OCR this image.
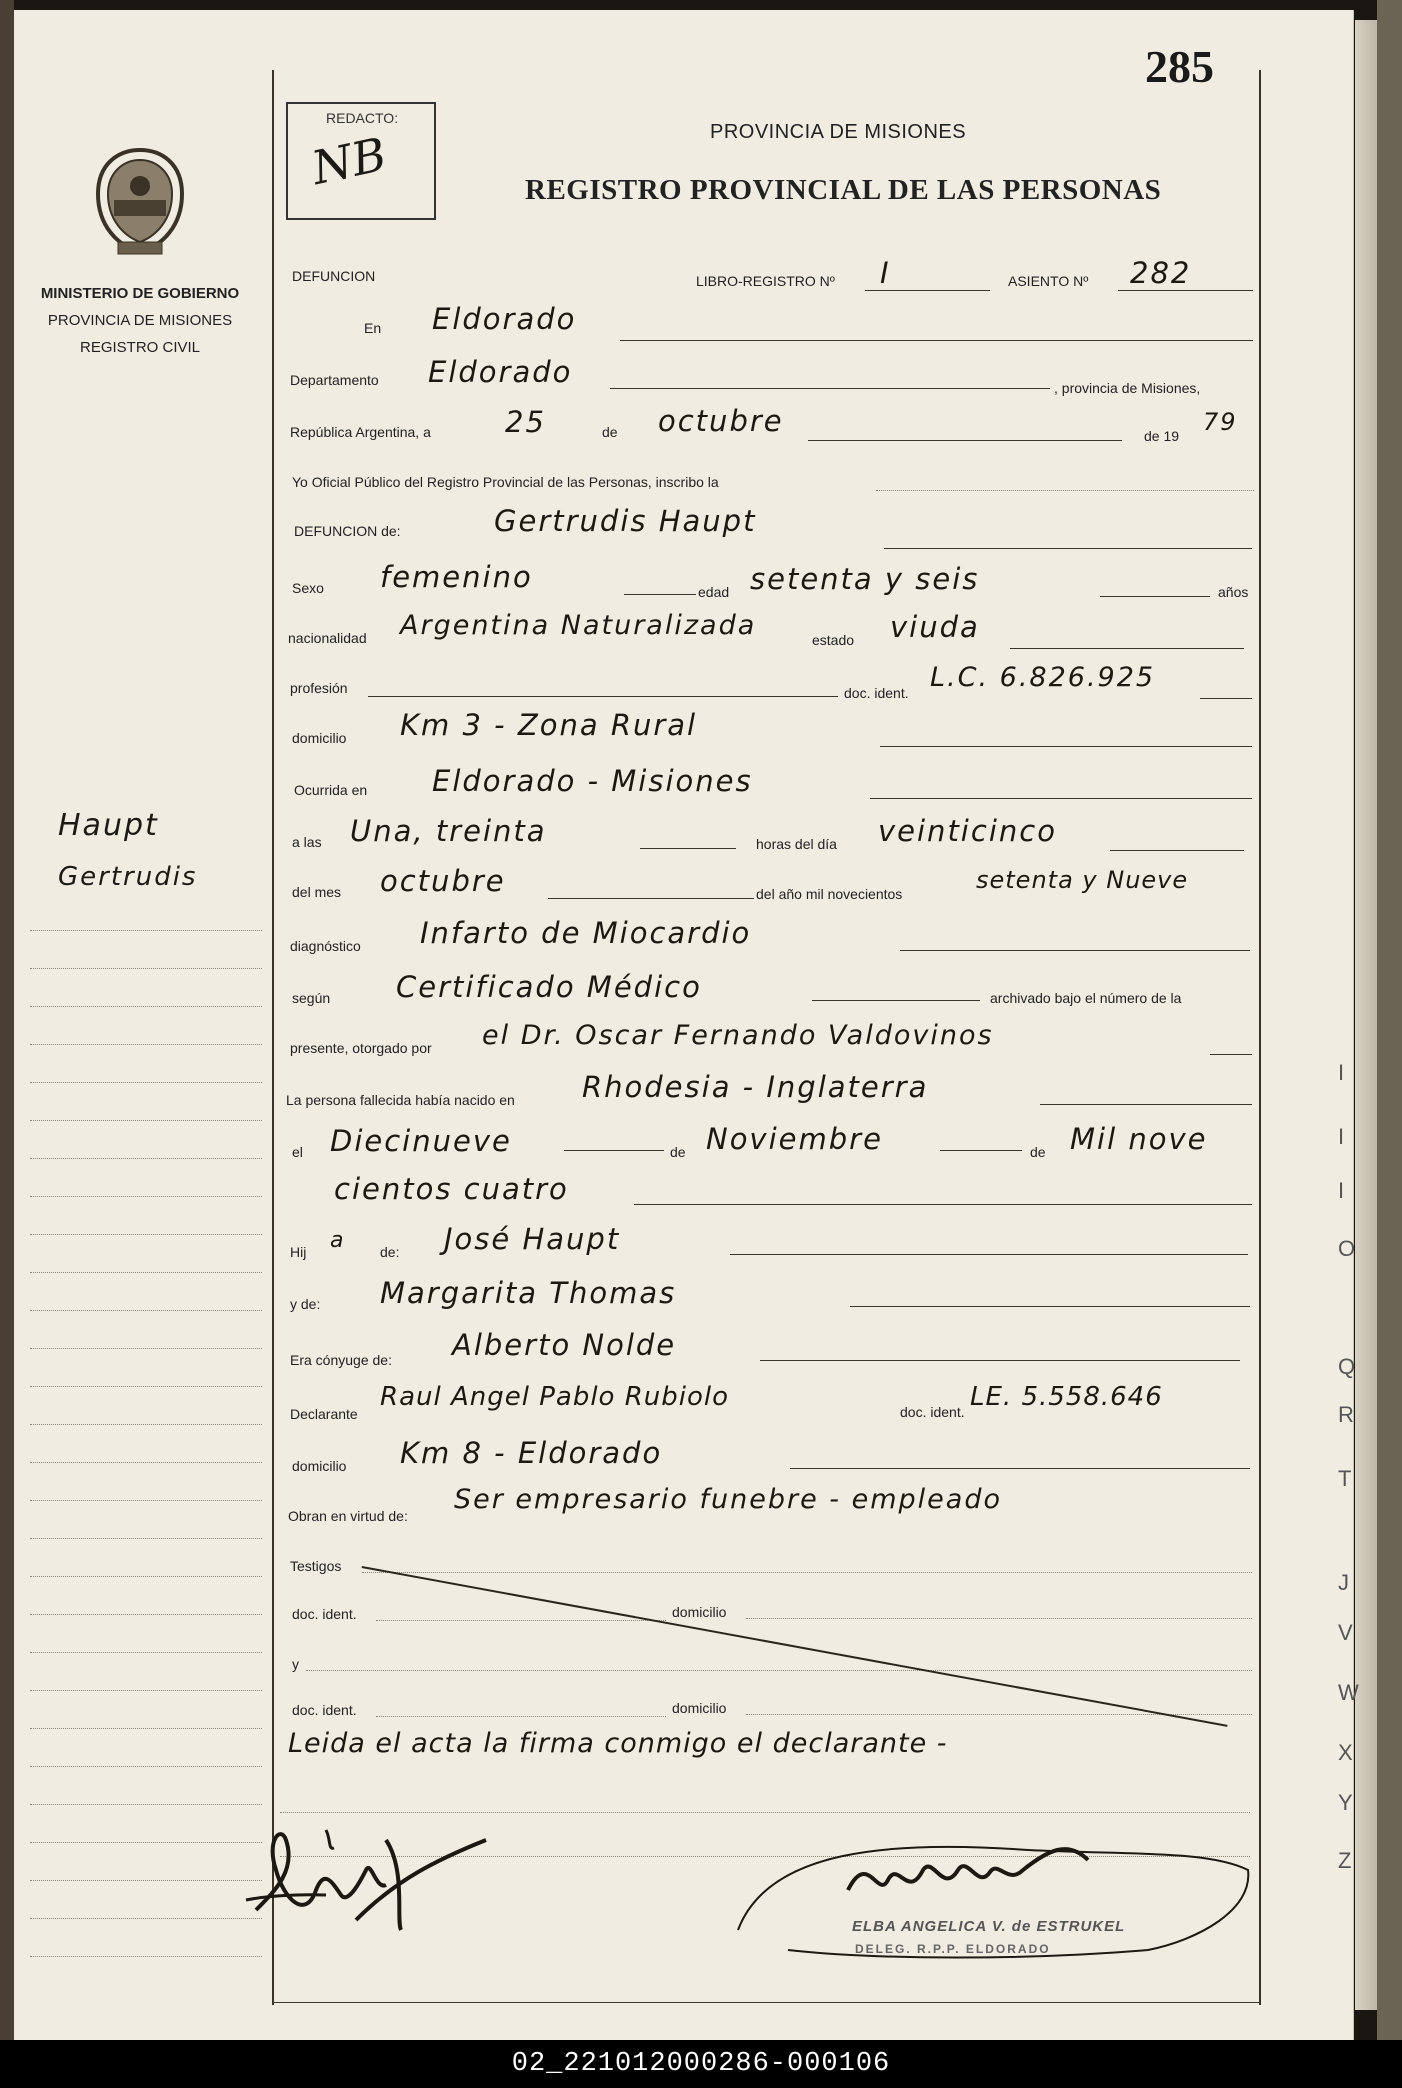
285
REDACTO:
NB	PROVINCIA DE MISIONES
REGISTRO PROVINCIAL DE LAS PERSONAS
MINISTERIO DE GOBIERNO
PROVINCIA DE MISIONES
REGISTRO CIVIL
Haupt
Gertrudis
DEFUNCION	LIBRO-REGISTRO Nº I	ASIENTO Nº 282
En Eldorado
Departamento Eldorado	, provincia de Misiones,
República Argentina, a	25	de octubre	de 19 79
Yo Oficial Público del Registro Provincial de las Personas, inscribo la
DEFUNCION de:	Gertrudis Haupt
Sexo femenino	edad setenta y seis	años
nacionalidad Argentina Naturalizada	estado viuda
profesión	doc. ident. L.C. 6.826.925
domicilio Km 3 - Zona Rural
Ocurrida en Eldorado - Misiones
a las Una, treinta	horas del día veinticinco
del mes octubre	del año mil novecientos	setenta y Nueve
diagnóstico Infarto de Miocardio
según Certificado Médico	archivado bajo el número de la
presente, otorgado por el Dr. Oscar Fernando Valdovinos
La persona fallecida había nacido en Rhodesia - Inglaterra
el Diecinueve	de Noviembre	de Mil nove
cientos cuatro
Hij a de: José Haupt
y de: Margarita Thomas
Era cónyuge de: Alberto Nolde
Declarante
Raul Angel Pablo Rubiolo	doc. ident. LE. 5.558.646
domicilio Km 8 - Eldorado
Obran en virtud de:
Ser empresario funebre - empleado
Testigos
doc. ident.	domicilio
y
doc. ident.	domicilio
Leida el acta la firma conmigo el declarante -
ELBA ANGELICA V. de ESTRUKEL
DELEG. R.P.P. ELDORADO
I
I
I
O
Q
R
T
J
V
W
X
Y
Z
02_221012000286-000106
